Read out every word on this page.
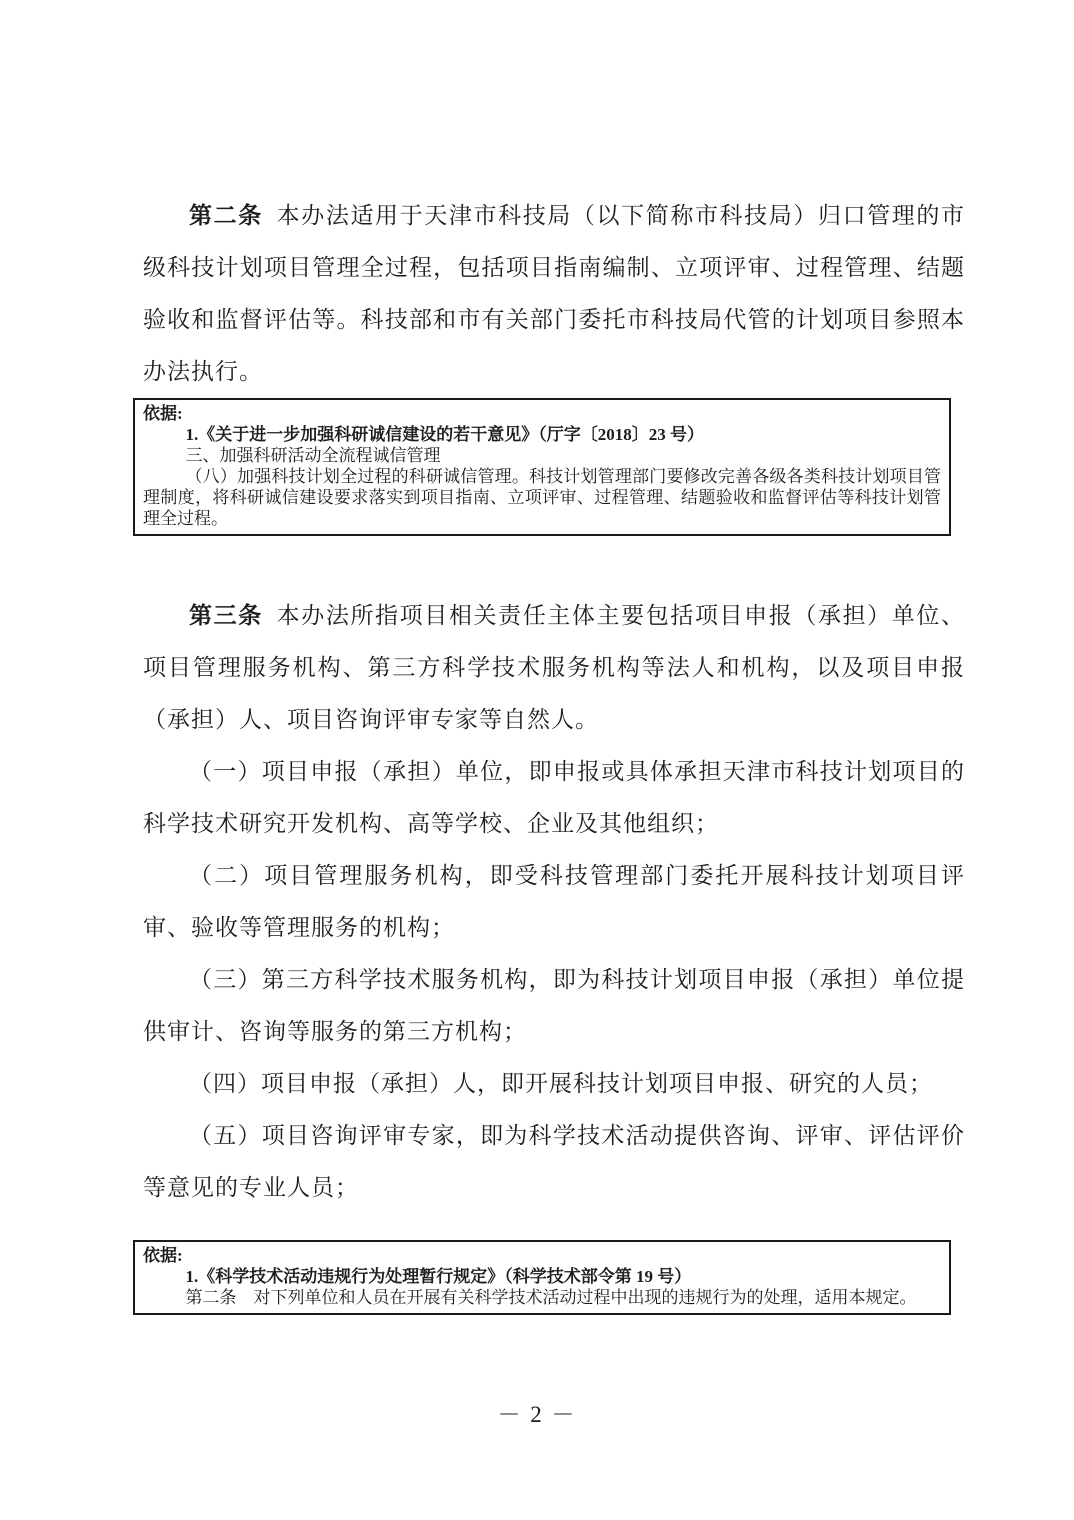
第二条 本办法适用于天津市科技局（以下简称市科技局）归口管理的市级科技计划项目管理全过程，包括项目指南编制、立项评审、过程管理、结题验收和监督评估等。科技部和市有关部门委托市科技局代管的计划项目参照本办法执行。

依据:
1.《关于进一步加强科研诚信建设的若干意见》（厅字〔2018〕23 号）
三、加强科研活动全流程诚信管理
（八）加强科技计划全过程的科研诚信管理。科技计划管理部门要修改完善各级各类科技计划项目管理制度，将科研诚信建设要求落实到项目指南、立项评审、过程管理、结题验收和监督评估等科技计划管理全过程。

第三条 本办法所指项目相关责任主体主要包括项目申报（承担）单位、项目管理服务机构、第三方科学技术服务机构等法人和机构，以及项目申报（承担）人、项目咨询评审专家等自然人。

（一）项目申报（承担）单位，即申报或具体承担天津市科技计划项目的科学技术研究开发机构、高等学校、企业及其他组织；

（二）项目管理服务机构，即受科技管理部门委托开展科技计划项目评审、验收等管理服务的机构；

（三）第三方科学技术服务机构，即为科技计划项目申报（承担）单位提供审计、咨询等服务的第三方机构；

（四）项目申报（承担）人，即开展科技计划项目申报、研究的人员；

（五）项目咨询评审专家，即为科学技术活动提供咨询、评审、评估评价等意见的专业人员；

依据:
1.《科学技术活动违规行为处理暂行规定》（科学技术部令第 19 号）
第二条　对下列单位和人员在开展有关科学技术活动过程中出现的违规行为的处理，适用本规定。
－ 2 －
